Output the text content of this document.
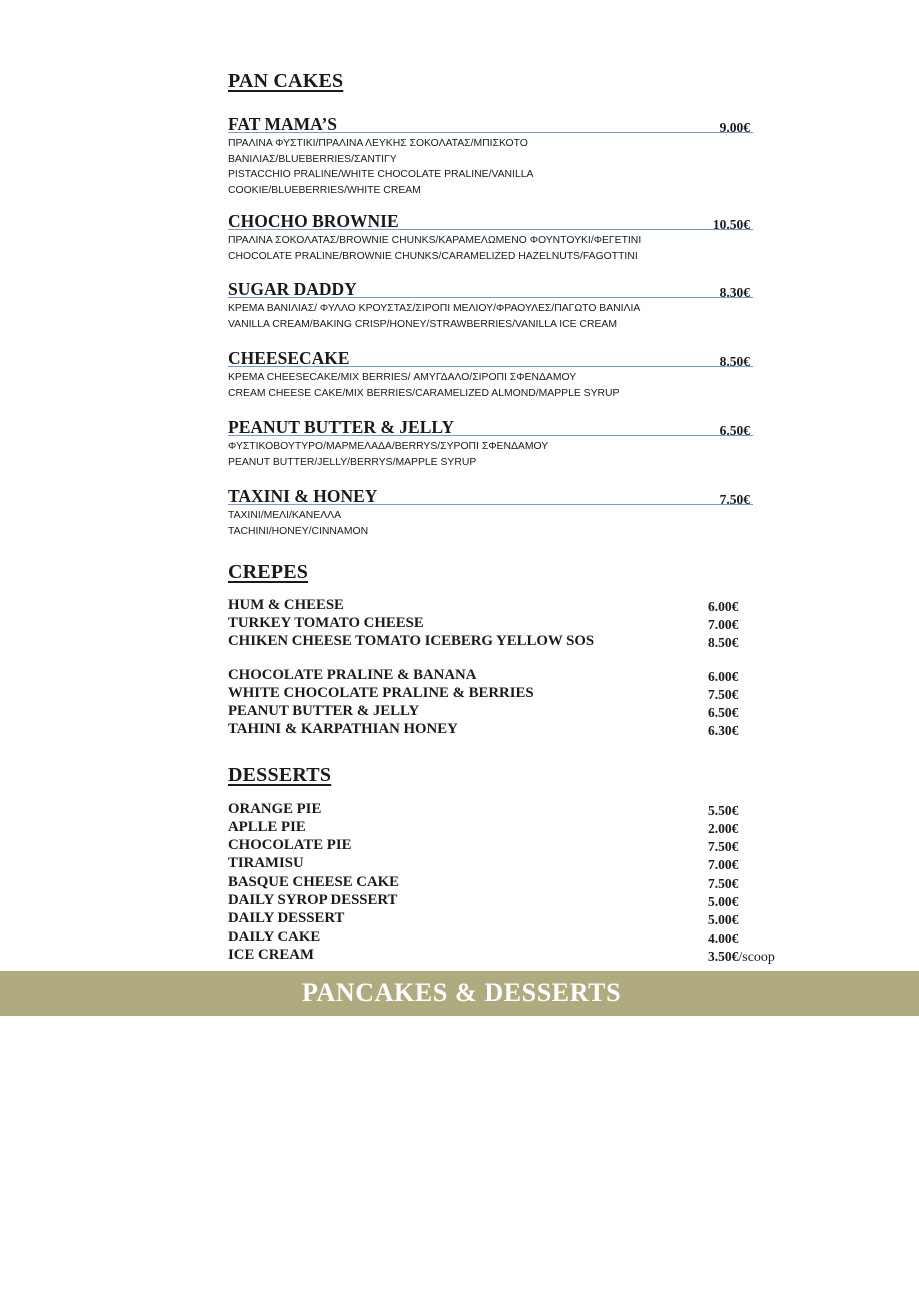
PAN CAKES
FAT MAMA’S	9.00€
ΠΡΑΛΙΝΑ ΦΥΣΤΙΚΙ/ΠΡΑΛΙΝΑ ΛΕΥΚΗΣ ΣΟΚΟΛΑΤΑΣ/ΜΠΙΣΚΟΤΟ
ΒΑΝΙΛΙΑΣ/BLUEBERRIES/ΣΑΝΤΙΓΥ
PISTACCHIO PRALINE/WHITE CHOCOLATE PRALINE/VANILLA
COOKIE/BLUEBERRIES/WHITE CREAM
CHOCHO BROWNIE	10.50€
ΠΡΑΛΙΝΑ ΣΟΚΟΛΑΤΑΣ/BROWNIE CHUNKS/ΚΑΡΑΜΕΛΩΜΕΝΟ ΦΟΥΝΤΟΥΚΙ/ΦΕΓΕΤΙΝΙ
CHOCOLATE PRALINE/BROWNIE CHUNKS/CARAMELIZED HAZELNUTS/FAGOTTINI
SUGAR DADDY	8.30€
ΚΡΕΜΑ ΒΑΝΙΛΙΑΣ/ ΦΥΛΛΟ ΚΡΟΥΣΤΑΣ/ΣΙΡΟΠΙ ΜΕΛΙΟΥ/ΦΡΑΟΥΛΕΣ/ΠΑΓΩΤΟ ΒΑΝΙΛΙΑ
VANILLA CREAM/BAKING CRISP/HONEY/STRAWBERRIES/VANILLA ICE CREAM
CHEESECAKE	8.50€
ΚΡΕΜΑ CHEESECAKE/MIX BERRIES/ ΑΜΥΓΔΑΛΟ/ΣΙΡΟΠΙ ΣΦΕΝΔΑΜΟΥ
CREAM CHEESE CAKE/MIX BERRIES/CARAMELIZED ALMOND/MAPPLE SYRUP
PEANUT BUTTER & JELLY	6.50€
ΦΥΣΤΙΚΟΒΟΥΤΥΡΟ/ΜΑΡΜΕΛΑΔΑ/BERRYS/ΣΥΡΟΠΙ ΣΦΕΝΔΑΜΟΥ
PEANUT BUTTER/JELLY/BERRYS/MAPPLE SYRUP
TAXINI & HONEY	7.50€
ΤΑΧΙΝΙ/ΜΕΛΙ/ΚΑΝΕΛΛΑ
TACHINI/HONEY/CINNAMON
CREPES
HUM & CHEESE	6.00€
TURKEY TOMATO CHEESE	7.00€
CHIKEN CHEESE TOMATO ICEBERG YELLOW SOS	8.50€
CHOCOLATE PRALINE & BANANA	6.00€
WHITE CHOCOLATE PRALINE & BERRIES	7.50€
PEANUT BUTTER & JELLY	6.50€
TAHINI & KARPATHIAN HONEY	6.30€
DESSERTS
ORANGE PIE	5.50€
APLLE PIE	2.00€
CHOCOLATE PIE	7.50€
TIRAMISU	7.00€
BASQUE CHEESE CAKE	7.50€
DAILY SYROP DESSERT	5.00€
DAILY DESSERT	5.00€
DAILY CAKE	4.00€
ICE CREAM	3.50€/scoop
PANCAKES & DESSERTS
